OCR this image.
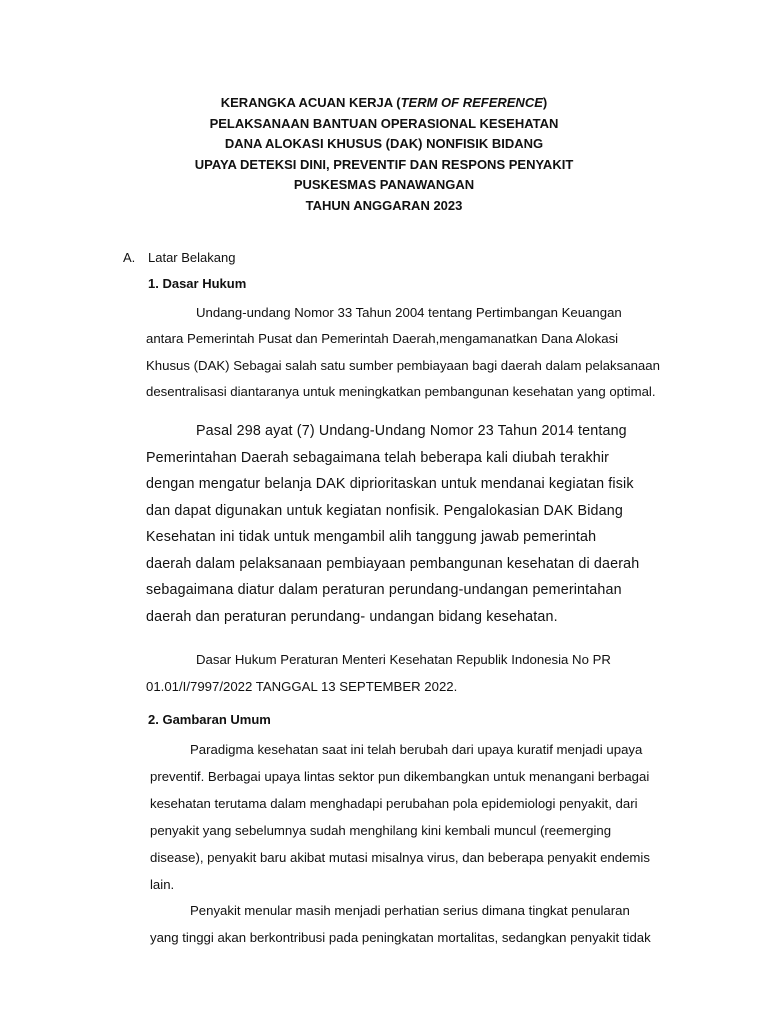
KERANGKA ACUAN KERJA (TERM OF REFERENCE)
PELAKSANAAN BANTUAN OPERASIONAL KESEHATAN
DANA ALOKASI KHUSUS (DAK) NONFISIK BIDANG
UPAYA DETEKSI DINI, PREVENTIF DAN RESPONS PENYAKIT
PUSKESMAS PANAWANGAN
TAHUN ANGGARAN 2023
A. Latar Belakang
1. Dasar Hukum
Undang-undang Nomor 33 Tahun 2004 tentang Pertimbangan Keuangan
antara Pemerintah Pusat dan Pemerintah Daerah,mengamanatkan Dana Alokasi
Khusus (DAK) Sebagai salah satu sumber pembiayaan bagi daerah dalam pelaksanaan
desentralisasi diantaranya untuk meningkatkan pembangunan kesehatan yang optimal.
Pasal 298 ayat (7) Undang-Undang Nomor 23 Tahun 2014 tentang
Pemerintahan Daerah sebagaimana telah beberapa kali diubah terakhir
dengan mengatur belanja DAK diprioritaskan untuk mendanai kegiatan fisik
dan dapat digunakan untuk kegiatan nonfisik. Pengalokasian DAK Bidang
Kesehatan ini tidak untuk mengambil alih tanggung jawab pemerintah
daerah dalam pelaksanaan pembiayaan pembangunan kesehatan di daerah
sebagaimana diatur dalam peraturan perundang-undangan pemerintahan
daerah dan peraturan perundang- undangan bidang kesehatan.
Dasar Hukum Peraturan Menteri Kesehatan Republik Indonesia No PR
01.01/I/7997/2022 TANGGAL 13 SEPTEMBER 2022.
2. Gambaran Umum
Paradigma kesehatan saat ini telah berubah dari upaya kuratif menjadi upaya
preventif. Berbagai upaya lintas sektor pun dikembangkan untuk menangani berbagai
kesehatan terutama dalam menghadapi perubahan pola epidemiologi penyakit, dari
penyakit yang sebelumnya sudah menghilang kini kembali muncul (reemerging
disease), penyakit baru akibat mutasi misalnya virus, dan beberapa penyakit endemis
lain.
Penyakit menular masih menjadi perhatian serius dimana tingkat penularan
yang tinggi akan berkontribusi pada peningkatan mortalitas, sedangkan penyakit tidak
